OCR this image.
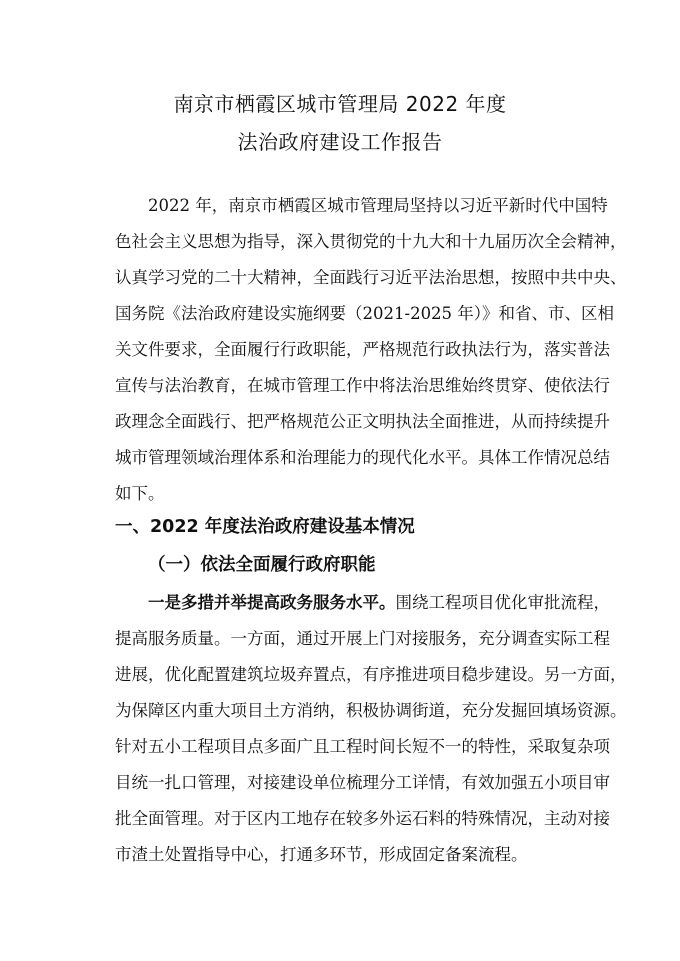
南京市栖霞区城市管理局 2022 年度
法治政府建设工作报告
2022 年，南京市栖霞区城市管理局坚持以习近平新时代中国特
色社会主义思想为指导，深入贯彻党的十九大和十九届历次全会精神，
认真学习党的二十大精神，全面践行习近平法治思想，按照中共中央、
国务院《法治政府建设实施纲要（2021-2025 年）》和省、市、区相
关文件要求，全面履行行政职能，严格规范行政执法行为，落实普法
宣传与法治教育，在城市管理工作中将法治思维始终贯穿、使依法行
政理念全面践行、把严格规范公正文明执法全面推进，从而持续提升
城市管理领域治理体系和治理能力的现代化水平。具体工作情况总结
如下。
一、2022 年度法治政府建设基本情况
（一）依法全面履行政府职能
一是多措并举提高政务服务水平。围绕工程项目优化审批流程，
提高服务质量。一方面，通过开展上门对接服务，充分调查实际工程
进展，优化配置建筑垃圾弃置点，有序推进项目稳步建设。另一方面，
为保障区内重大项目土方消纳，积极协调街道，充分发掘回填场资源。
针对五小工程项目点多面广且工程时间长短不一的特性，采取复杂项
目统一扎口管理，对接建设单位梳理分工详情，有效加强五小项目审
批全面管理。对于区内工地存在较多外运石料的特殊情况，主动对接
市渣土处置指导中心，打通多环节，形成固定备案流程。
